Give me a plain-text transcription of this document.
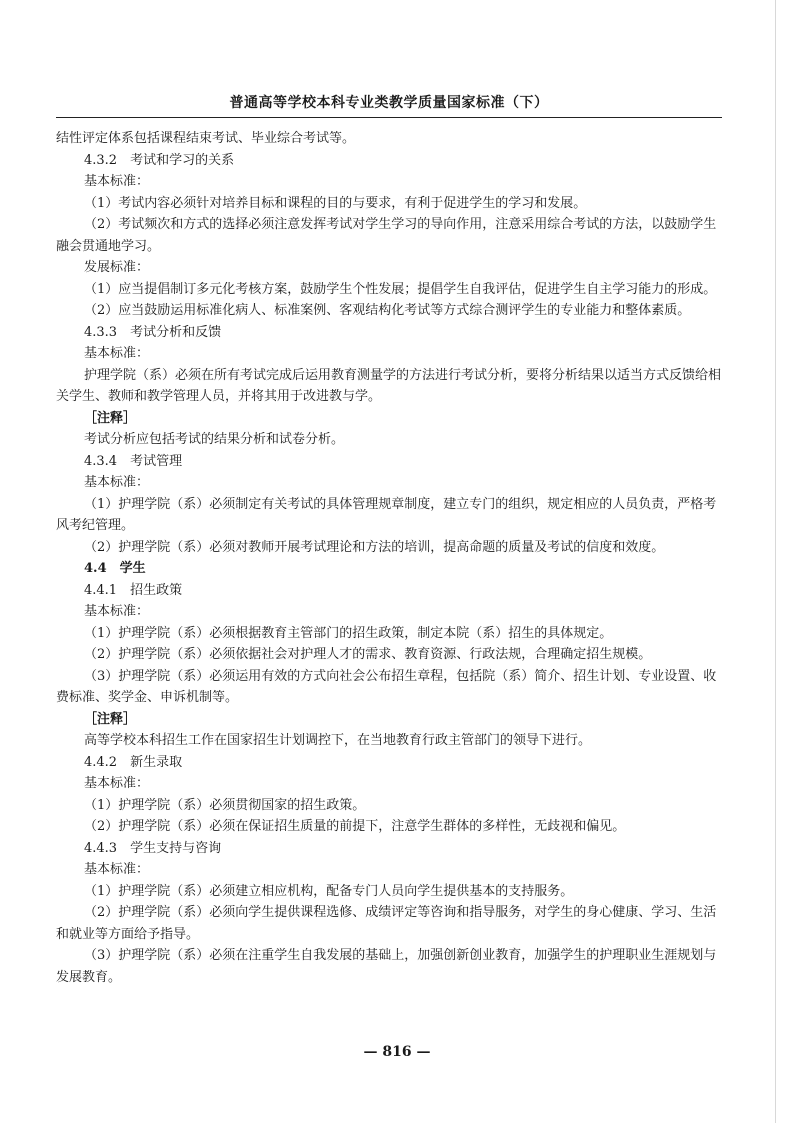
普通高等学校本科专业类教学质量国家标准（下）

结性评定体系包括课程结束考试、毕业综合考试等。

4.3.2　考试和学习的关系

基本标准：

（1）考试内容必须针对培养目标和课程的目的与要求，有利于促进学生的学习和发展。

（2）考试频次和方式的选择必须注意发挥考试对学生学习的导向作用，注意采用综合考试的方法，以鼓励学生融会贯通地学习。

发展标准：

（1）应当提倡制订多元化考核方案，鼓励学生个性发展；提倡学生自我评估，促进学生自主学习能力的形成。

（2）应当鼓励运用标准化病人、标准案例、客观结构化考试等方式综合测评学生的专业能力和整体素质。

4.3.3　考试分析和反馈

基本标准：

护理学院（系）必须在所有考试完成后运用教育测量学的方法进行考试分析，要将分析结果以适当方式反馈给相关学生、教师和教学管理人员，并将其用于改进教与学。

［注释］

考试分析应包括考试的结果分析和试卷分析。

4.3.4　考试管理

基本标准：

（1）护理学院（系）必须制定有关考试的具体管理规章制度，建立专门的组织，规定相应的人员负责，严格考风考纪管理。

（2）护理学院（系）必须对教师开展考试理论和方法的培训，提高命题的质量及考试的信度和效度。

4.4　学生

4.4.1　招生政策

基本标准：

（1）护理学院（系）必须根据教育主管部门的招生政策，制定本院（系）招生的具体规定。

（2）护理学院（系）必须依据社会对护理人才的需求、教育资源、行政法规，合理确定招生规模。

（3）护理学院（系）必须运用有效的方式向社会公布招生章程，包括院（系）简介、招生计划、专业设置、收费标准、奖学金、申诉机制等。

［注释］

高等学校本科招生工作在国家招生计划调控下，在当地教育行政主管部门的领导下进行。

4.4.2　新生录取

基本标准：

（1）护理学院（系）必须贯彻国家的招生政策。

（2）护理学院（系）必须在保证招生质量的前提下，注意学生群体的多样性，无歧视和偏见。

4.4.3　学生支持与咨询

基本标准：

（1）护理学院（系）必须建立相应机构，配备专门人员向学生提供基本的支持服务。

（2）护理学院（系）必须向学生提供课程选修、成绩评定等咨询和指导服务，对学生的身心健康、学习、生活和就业等方面给予指导。

（3）护理学院（系）必须在注重学生自我发展的基础上，加强创新创业教育，加强学生的护理职业生涯规划与发展教育。

— 816 —
